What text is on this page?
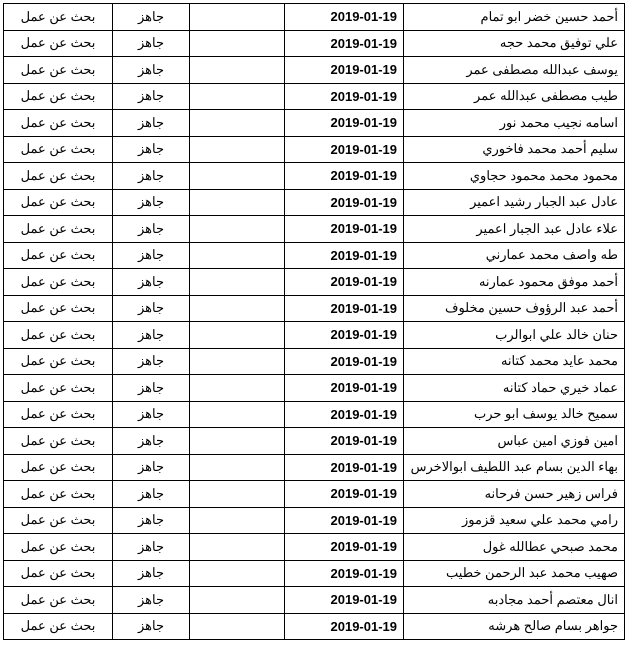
بحث عن عمل	جاهز		2019-01-19	أحمد حسين خضر ابو تمام
بحث عن عمل	جاهز		2019-01-19	علي توفيق محمد حجه
بحث عن عمل	جاهز		2019-01-19	يوسف عبدالله مصطفى عمر
بحث عن عمل	جاهز		2019-01-19	طيب مصطفى عبدالله عمر
بحث عن عمل	جاهز		2019-01-19	اسامه نجيب محمد نور
بحث عن عمل	جاهز		2019-01-19	سليم أحمد محمد فاخوري
بحث عن عمل	جاهز		2019-01-19	محمود محمد محمود حجاوي
بحث عن عمل	جاهز		2019-01-19	عادل عبد الجبار رشيد اعمير
بحث عن عمل	جاهز		2019-01-19	علاء عادل عبد الجبار اعمير
بحث عن عمل	جاهز		2019-01-19	طه واصف محمد عمارني
بحث عن عمل	جاهز		2019-01-19	أحمد موفق محمود عمارنه
بحث عن عمل	جاهز		2019-01-19	أحمد عبد الرؤوف حسين مخلوف
بحث عن عمل	جاهز		2019-01-19	حنان خالد علي ابوالرب
بحث عن عمل	جاهز		2019-01-19	محمد عايد محمد كتانه
بحث عن عمل	جاهز		2019-01-19	عماد خيري حماد كتانه
بحث عن عمل	جاهز		2019-01-19	سميح خالد يوسف ابو حرب
بحث عن عمل	جاهز		2019-01-19	امين فوزي امين عباس
بحث عن عمل	جاهز		2019-01-19	بهاء الدين بسام عبد اللطيف ابوالاخرس
بحث عن عمل	جاهز		2019-01-19	فراس زهير حسن فرحانه
بحث عن عمل	جاهز		2019-01-19	رامي محمد علي سعيد قزموز
بحث عن عمل	جاهز		2019-01-19	محمد صبحي عطالله غول
بحث عن عمل	جاهز		2019-01-19	صهيب محمد عبد الرحمن خطيب
بحث عن عمل	جاهز		2019-01-19	انال معتصم أحمد مجادبه
بحث عن عمل	جاهز		2019-01-19	جواهر بسام صالح هرشه
